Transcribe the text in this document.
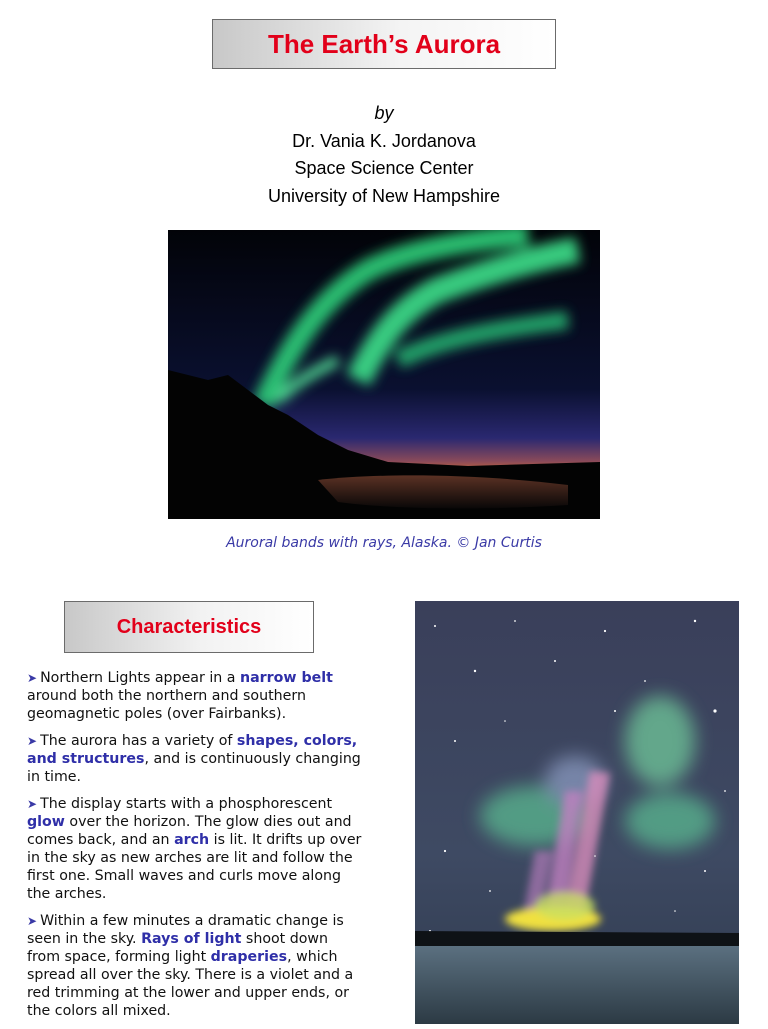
The Earth’s Aurora
by
Dr. Vania K. Jordanova
Space Science Center
University of New Hampshire
Auroral bands with rays, Alaska. © Jan Curtis
Characteristics

➤ Northern Lights appear in a narrow belt around both the northern and southern geomagnetic poles (over Fairbanks).

➤ The aurora has a variety of shapes, colors, and structures, and is continuously changing in time.

➤ The display starts with a phosphorescent glow over the horizon. The glow dies out and comes back, and an arch is lit. It drifts up over in the sky as new arches are lit and follow the first one. Small waves and curls move along the arches.

➤ Within a few minutes a dramatic change is seen in the sky. Rays of light shoot down from space, forming light draperies, which spread all over the sky. There is a violet and a red trimming at the lower and upper ends, or the colors all mixed.
